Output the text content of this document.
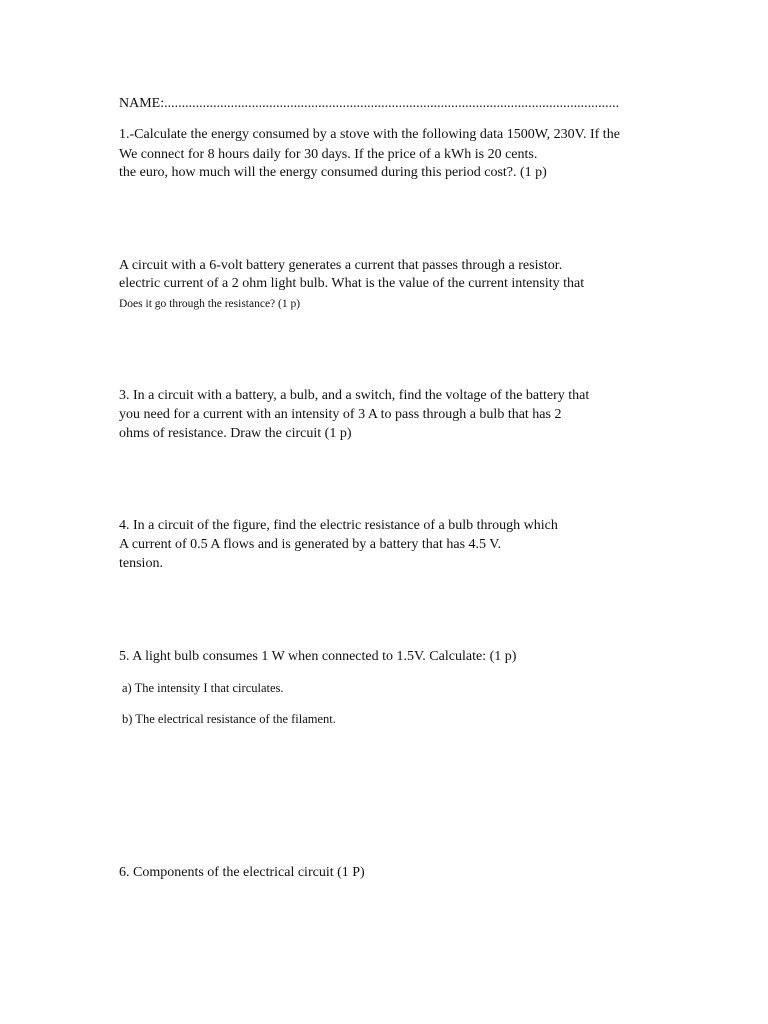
NAME:..................................................................................................................................
1.-Calculate the energy consumed by a stove with the following data 1500W, 230V. If the
We connect for 8 hours daily for 30 days. If the price of a kWh is 20 cents.
the euro, how much will the energy consumed during this period cost?. (1 p)
A circuit with a 6-volt battery generates a current that passes through a resistor.
electric current of a 2 ohm light bulb. What is the value of the current intensity that
Does it go through the resistance? (1 p)
3. In a circuit with a battery, a bulb, and a switch, find the voltage of the battery that
you need for a current with an intensity of 3 A to pass through a bulb that has 2
ohms of resistance. Draw the circuit (1 p)
4. In a circuit of the figure, find the electric resistance of a bulb through which
A current of 0.5 A flows and is generated by a battery that has 4.5 V.
tension.
5. A light bulb consumes 1 W when connected to 1.5V. Calculate: (1 p)
a) The intensity I that circulates.
b) The electrical resistance of the filament.
6. Components of the electrical circuit (1 P)
